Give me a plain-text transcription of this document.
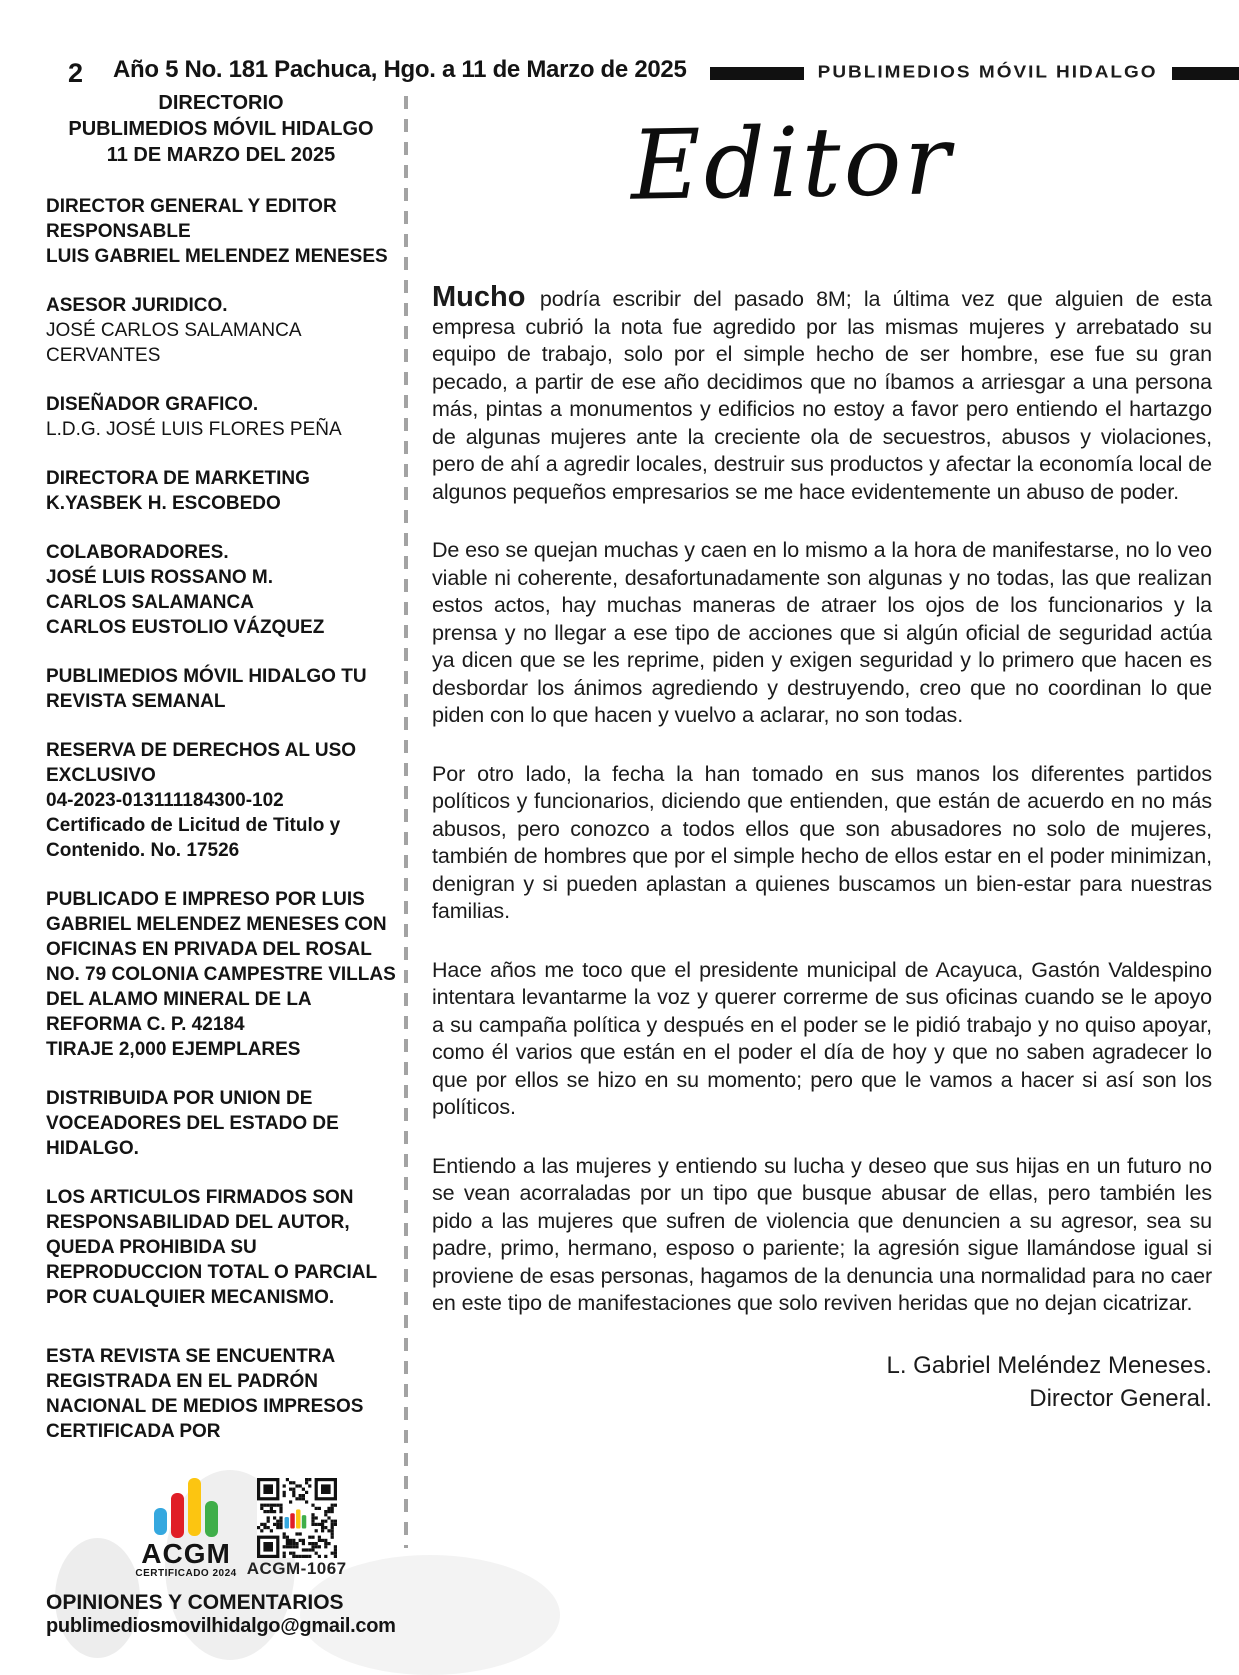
2 Año 5 No. 181 Pachuca, Hgo. a 11 de Marzo de 2025	PUBLIMEDIOS MÓVIL HIDALGO
DIRECTORIO
PUBLIMEDIOS MÓVIL HIDALGO
11 DE MARZO DEL 2025
DIRECTOR GENERAL Y EDITOR RESPONSABLE
LUIS GABRIEL MELENDEZ MENESES
ASESOR JURIDICO.
JOSÉ CARLOS SALAMANCA CERVANTES
DISEÑADOR GRAFICO.
L.D.G. JOSÉ LUIS FLORES PEÑA
DIRECTORA DE MARKETING
K.YASBEK H. ESCOBEDO
COLABORADORES.
JOSÉ LUIS ROSSANO M.
CARLOS SALAMANCA
CARLOS EUSTOLIO VÁZQUEZ
PUBLIMEDIOS MÓVIL HIDALGO TU REVISTA SEMANAL
RESERVA DE DERECHOS AL USO EXCLUSIVO
04-2023-013111184300-102
Certificado de Licitud de Titulo y Contenido. No. 17526
PUBLICADO E IMPRESO POR LUIS GABRIEL MELENDEZ MENESES CON OFICINAS EN PRIVADA DEL ROSAL NO. 79 COLONIA CAMPESTRE VILLAS DEL ALAMO MINERAL DE LA REFORMA C. P. 42184
TIRAJE 2,000 EJEMPLARES
DISTRIBUIDA POR UNION DE VOCEADORES DEL ESTADO DE HIDALGO.
LOS ARTICULOS FIRMADOS SON RESPONSABILIDAD DEL AUTOR, QUEDA PROHIBIDA SU REPRODUCCION TOTAL O PARCIAL POR CUALQUIER MECANISMO.
ESTA REVISTA SE ENCUENTRA REGISTRADA EN EL PADRÓN NACIONAL DE MEDIOS IMPRESOS CERTIFICADA POR
ACGM
CERTIFICADO 2024 ACGM-1067
OPINIONES Y COMENTARIOS
publimediosmovilhidalgo@gmail.com
Editor

Mucho podría escribir del pasado 8M; la última vez que alguien de esta empresa cubrió la nota fue agredido por las mismas mujeres y arrebatado su equipo de trabajo, solo por el simple hecho de ser hombre, ese fue su gran pecado, a partir de ese año decidimos que no íbamos a arriesgar a una persona más, pintas a monumentos y edificios no estoy a favor pero entiendo el hartazgo de algunas mujeres ante la creciente ola de secuestros, abusos y violaciones, pero de ahí a agredir locales, destruir sus productos y afectar la economía local de algunos pequeños empresarios se me hace evidentemente un abuso de poder.

De eso se quejan muchas y caen en lo mismo a la hora de manifestarse, no lo veo viable ni coherente, desafortunadamente son algunas y no todas, las que realizan estos actos, hay muchas maneras de atraer los ojos de los funcionarios y la prensa y no llegar a ese tipo de acciones que si algún oficial de seguridad actúa ya dicen que se les reprime, piden y exigen seguridad y lo primero que hacen es desbordar los ánimos agrediendo y destruyendo, creo que no coordinan lo que piden con lo que hacen y vuelvo a aclarar, no son todas.

Por otro lado, la fecha la han tomado en sus manos los diferentes partidos políticos y funcionarios, diciendo que entienden, que están de acuerdo en no más abusos, pero conozco a todos ellos que son abusadores no solo de mujeres, también de hombres que por el simple hecho de ellos estar en el poder minimizan, denigran y si pueden aplastan a quienes buscamos un bien-estar para nuestras familias.

Hace años me toco que el presidente municipal de Acayuca, Gastón Valdespino intentara levantarme la voz y querer correrme de sus oficinas cuando se le apoyo a su campaña política y después en el poder se le pidió trabajo y no quiso apoyar, como él varios que están en el poder el día de hoy y que no saben agradecer lo que por ellos se hizo en su momento; pero que le vamos a hacer si así son los políticos.

Entiendo a las mujeres y entiendo su lucha y deseo que sus hijas en un futuro no se vean acorraladas por un tipo que busque abusar de ellas, pero también les pido a las mujeres que sufren de violencia que denuncien a su agresor, sea su padre, primo, hermano, esposo o pariente; la agresión sigue llamándose igual si proviene de esas personas, hagamos de la denuncia una normalidad para no caer en este tipo de manifestaciones que solo reviven heridas que no dejan cicatrizar.

L. Gabriel Meléndez Meneses.
Director General.
